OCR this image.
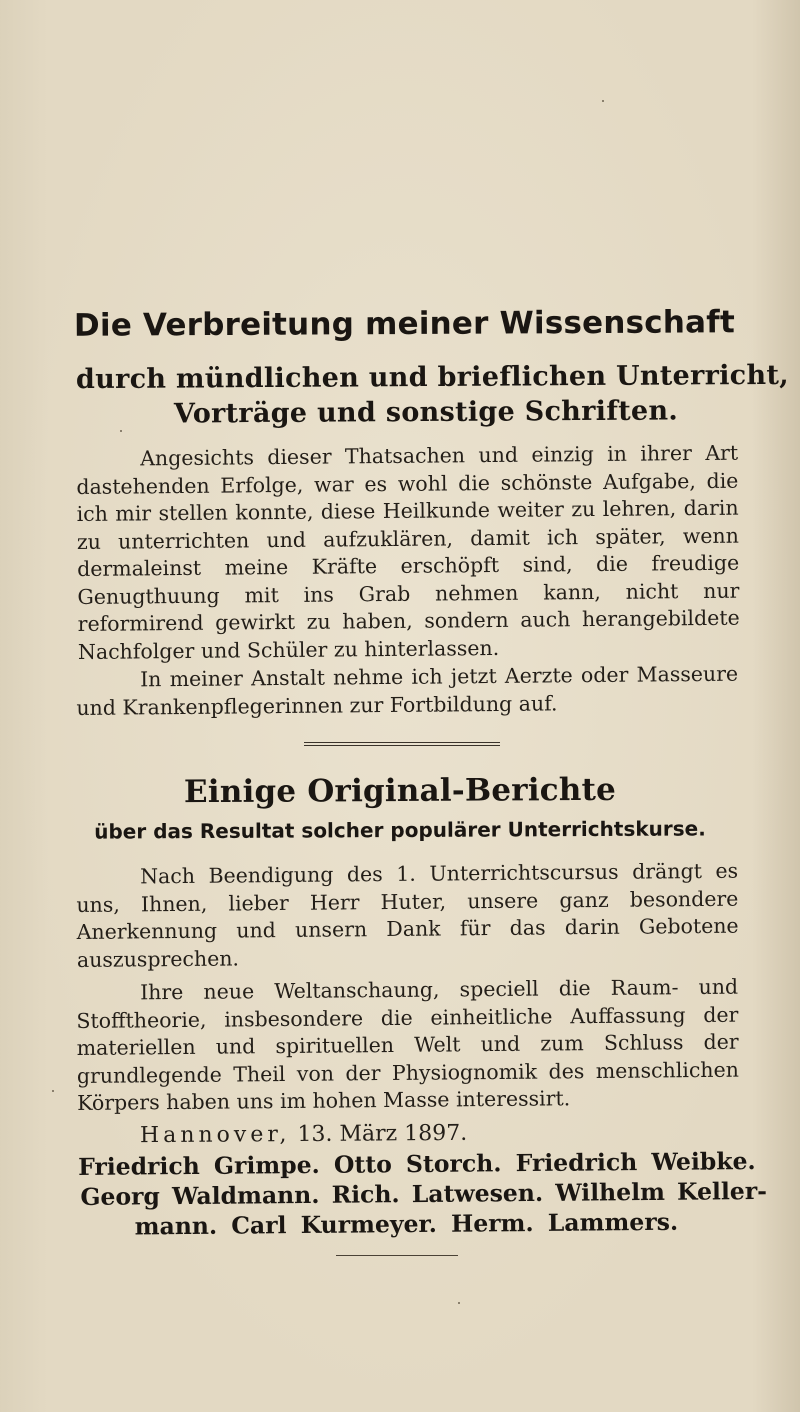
Die Verbreitung meiner Wissenschaft
durch mündlichen und brieflichen Unterricht,
Vorträge und sonstige Schriften.

Angesichts dieser Thatsachen und einzig in ihrer Art dastehenden Erfolge, war es wohl die schönste Aufgabe, die ich mir stellen konnte, diese Heilkunde weiter zu lehren, darin zu unterrichten und aufzuklären, damit ich später, wenn dermaleinst meine Kräfte erschöpft sind, die freudige Genugthuung mit ins Grab nehmen kann, nicht nur reformirend gewirkt zu haben, sondern auch herangebildete Nachfolger und Schüler zu hinterlassen.

In meiner Anstalt nehme ich jetzt Aerzte oder Masseure und Krankenpflegerinnen zur Fortbildung auf.

Einige Original-Berichte
über das Resultat solcher populärer Unterrichtskurse.

Nach Beendigung des 1. Unterrichtscursus drängt es uns, Ihnen, lieber Herr Huter, unsere ganz besondere Anerkennung und unsern Dank für das darin Gebotene auszusprechen.

Ihre neue Weltanschaung, speciell die Raum- und Stofftheorie, insbesondere die einheitliche Auffassung der materiellen und spirituellen Welt und zum Schluss der grundlegende Theil von der Physiognomik des menschlichen Körpers haben uns im hohen Masse interessirt.

Hannover, 13. März 1897.
Friedrich Grimpe. Otto Storch. Friedrich Weibke.
Georg Waldmann. Rich. Latwesen. Wilhelm Keller-
mann. Carl Kurmeyer. Herm. Lammers.
